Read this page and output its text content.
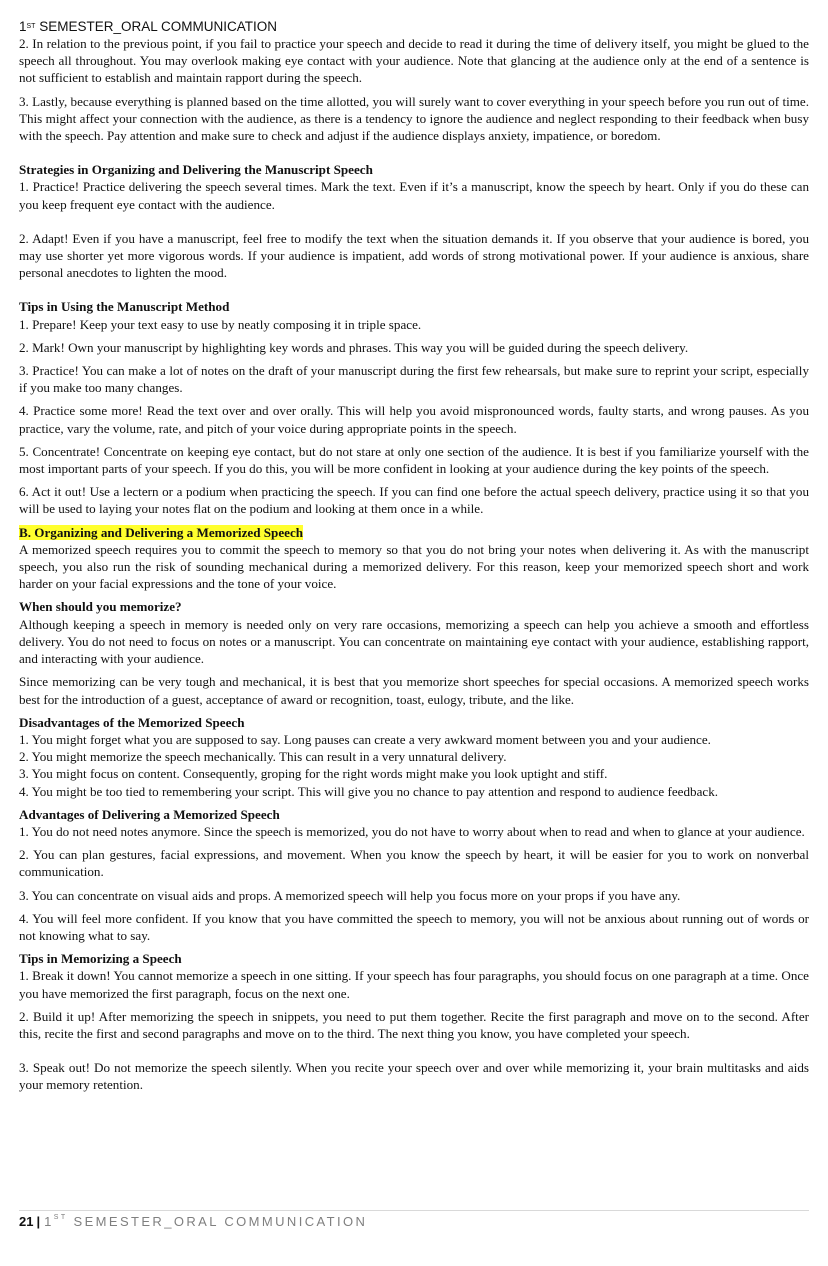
1ST SEMESTER_ORAL COMMUNICATION

2. In relation to the previous point, if you fail to practice your speech and decide to read it during the time of delivery itself, you might be glued to the speech all throughout. You may overlook making eye contact with your audience. Note that glancing at the audience only at the end of a sentence is not sufficient to establish and maintain rapport during the speech.

3. Lastly, because everything is planned based on the time allotted, you will surely want to cover everything in your speech before you run out of time. This might affect your connection with the audience, as there is a tendency to ignore the audience and neglect responding to their feedback when busy with the speech. Pay attention and make sure to check and adjust if the audience displays anxiety, impatience, or boredom.

Strategies in Organizing and Delivering the Manuscript Speech

1. Practice! Practice delivering the speech several times. Mark the text. Even if it’s a manuscript, know the speech by heart. Only if you do these can you keep frequent eye contact with the audience.

2. Adapt! Even if you have a manuscript, feel free to modify the text when the situation demands it. If you observe that your audience is bored, you may use shorter yet more vigorous words. If your audience is impatient, add words of strong motivational power. If your audience is anxious, share personal anecdotes to lighten the mood.

Tips in Using the Manuscript Method

1. Prepare! Keep your text easy to use by neatly composing it in triple space.

2. Mark! Own your manuscript by highlighting key words and phrases. This way you will be guided during the speech delivery.

3. Practice! You can make a lot of notes on the draft of your manuscript during the first few rehearsals, but make sure to reprint your script, especially if you make too many changes.

4. Practice some more! Read the text over and over orally. This will help you avoid mispronounced words, faulty starts, and wrong pauses. As you practice, vary the volume, rate, and pitch of your voice during appropriate points in the speech.

5. Concentrate! Concentrate on keeping eye contact, but do not stare at only one section of the audience. It is best if you familiarize yourself with the most important parts of your speech. If you do this, you will be more confident in looking at your audience during the key points of the speech.

6. Act it out! Use a lectern or a podium when practicing the speech. If you can find one before the actual speech delivery, practice using it so that you will be used to laying your notes flat on the podium and looking at them once in a while.

B. Organizing and Delivering a Memorized Speech

A memorized speech requires you to commit the speech to memory so that you do not bring your notes when delivering it. As with the manuscript speech, you also run the risk of sounding mechanical during a memorized delivery. For this reason, keep your memorized speech short and work harder on your facial expressions and the tone of your voice.

When should you memorize?

Although keeping a speech in memory is needed only on very rare occasions, memorizing a speech can help you achieve a smooth and effortless delivery. You do not need to focus on notes or a manuscript. You can concentrate on maintaining eye contact with your audience, establishing rapport, and interacting with your audience.

Since memorizing can be very tough and mechanical, it is best that you memorize short speeches for special occasions. A memorized speech works best for the introduction of a guest, acceptance of award or recognition, toast, eulogy, tribute, and the like.

Disadvantages of the Memorized Speech

1. You might forget what you are supposed to say. Long pauses can create a very awkward moment between you and your audience.

2. You might memorize the speech mechanically. This can result in a very unnatural delivery.

3. You might focus on content. Consequently, groping for the right words might make you look uptight and stiff.

4. You might be too tied to remembering your script. This will give you no chance to pay attention and respond to audience feedback.

Advantages of Delivering a Memorized Speech

1. You do not need notes anymore. Since the speech is memorized, you do not have to worry about when to read and when to glance at your audience.

2. You can plan gestures, facial expressions, and movement. When you know the speech by heart, it will be easier for you to work on nonverbal communication.

3. You can concentrate on visual aids and props. A memorized speech will help you focus more on your props if you have any.

4. You will feel more confident. If you know that you have committed the speech to memory, you will not be anxious about running out of words or not knowing what to say.

Tips in Memorizing a Speech

1. Break it down! You cannot memorize a speech in one sitting. If your speech has four paragraphs, you should focus on one paragraph at a time. Once you have memorized the first paragraph, focus on the next one.

2. Build it up! After memorizing the speech in snippets, you need to put them together. Recite the first paragraph and move on to the second. After this, recite the first and second paragraphs and move on to the third. The next thing you know, you have completed your speech.

3. Speak out! Do not memorize the speech silently. When you recite your speech over and over while memorizing it, your brain multitasks and aids your memory retention.

21 | 1ST SEMESTER_ORAL COMMUNICATION
